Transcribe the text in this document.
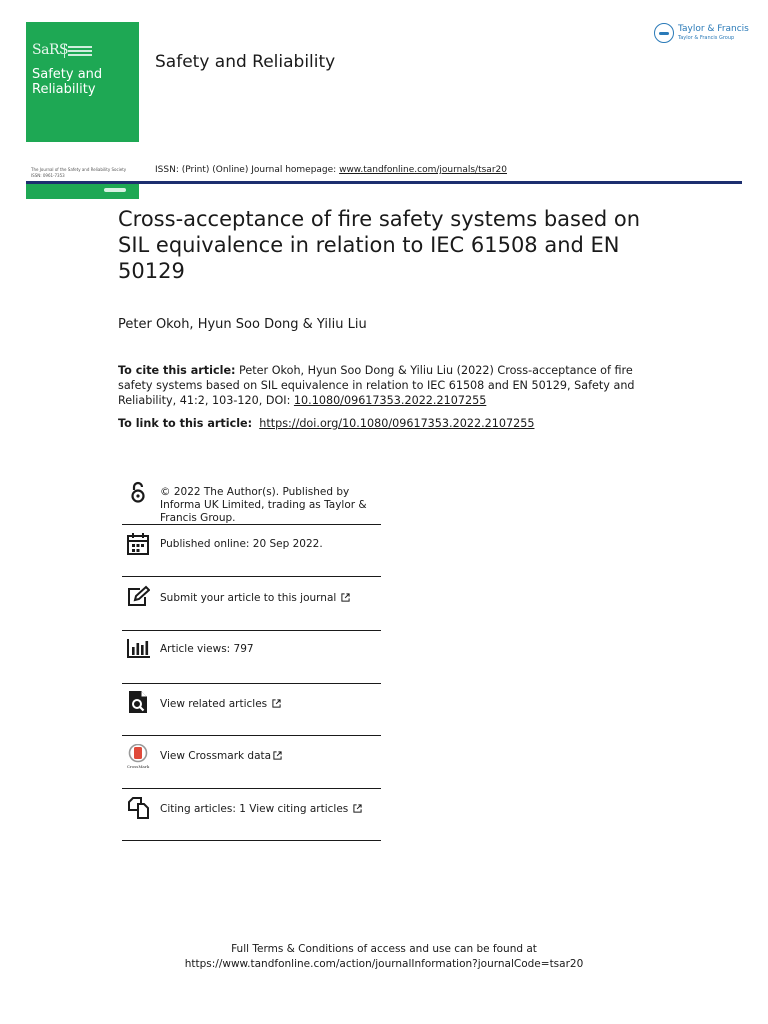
SaRS
Safety and
Reliability
The Journal of the Safety and Reliability Society
ISSN: 0961-7353
Safety and Reliability
Taylor & Francis
Taylor & Francis Group
ISSN: (Print) (Online) Journal homepage: www.tandfonline.com/journals/tsar20
Cross-acceptance of fire safety systems based on SIL equivalence in relation to IEC 61508 and EN 50129
Peter Okoh, Hyun Soo Dong & Yiliu Liu
To cite this article: Peter Okoh, Hyun Soo Dong & Yiliu Liu (2022) Cross-acceptance of fire safety systems based on SIL equivalence in relation to IEC 61508 and EN 50129, Safety and Reliability, 41:2, 103-120, DOI: 10.1080/09617353.2022.2107255
To link to this article: https://doi.org/10.1080/09617353.2022.2107255
© 2022 The Author(s). Published by Informa UK Limited, trading as Taylor & Francis Group.
Published online: 20 Sep 2022.
Submit your article to this journal
Article views: 797
View related articles
CrossMark
View Crossmark data
Citing articles: 1 View citing articles
Full Terms & Conditions of access and use can be found at
https://www.tandfonline.com/action/journalInformation?journalCode=tsar20
